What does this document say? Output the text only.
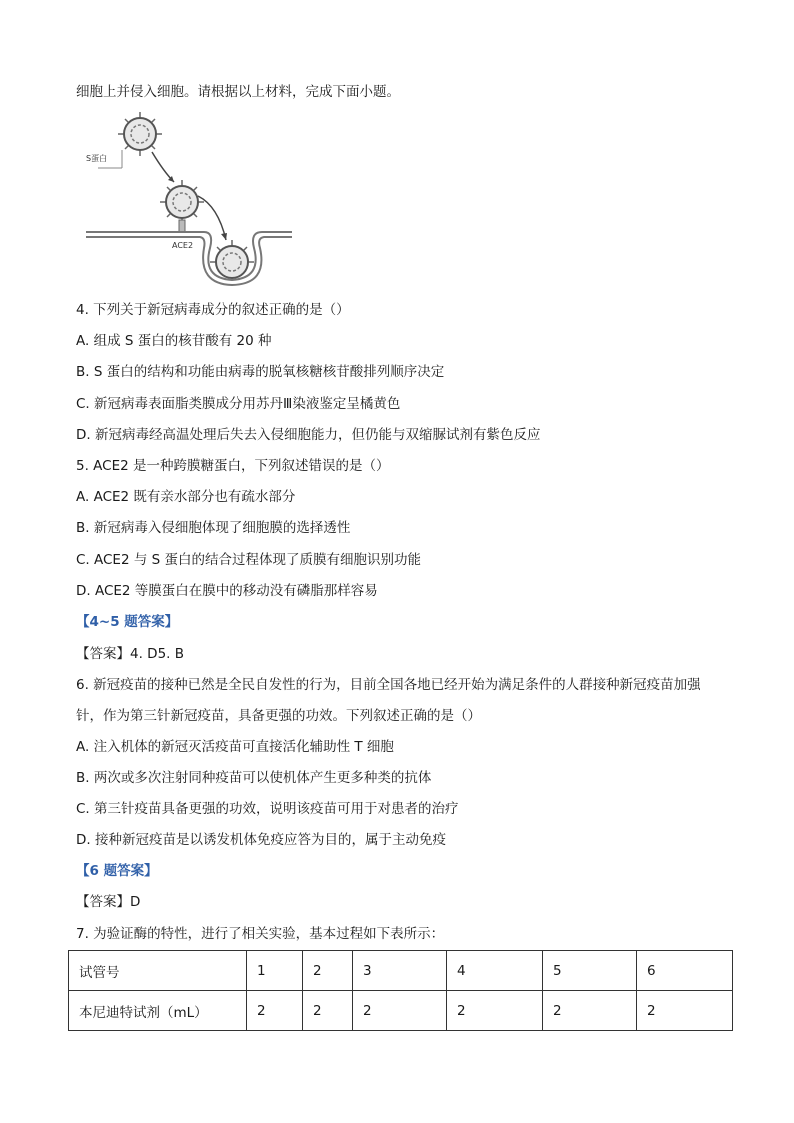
细胞上并侵入细胞。请根据以上材料，完成下面小题。
S蛋白
ACE2
4. 下列关于新冠病毒成分的叙述正确的是（）
A. 组成 S 蛋白的核苷酸有 20 种
B. S 蛋白的结构和功能由病毒的脱氧核糖核苷酸排列顺序决定
C. 新冠病毒表面脂类膜成分用苏丹Ⅲ染液鉴定呈橘黄色
D. 新冠病毒经高温处理后失去入侵细胞能力，但仍能与双缩脲试剂有紫色反应
5. ACE2 是一种跨膜糖蛋白，下列叙述错误的是（）
A. ACE2 既有亲水部分也有疏水部分
B. 新冠病毒入侵细胞体现了细胞膜的选择透性
C. ACE2 与 S 蛋白的结合过程体现了质膜有细胞识别功能
D. ACE2 等膜蛋白在膜中的移动没有磷脂那样容易
【4~5 题答案】
【答案】4. D5. B
6. 新冠疫苗的接种已然是全民自发性的行为，目前全国各地已经开始为满足条件的人群接种新冠疫苗加强
针，作为第三针新冠疫苗，具备更强的功效。下列叙述正确的是（）
A. 注入机体的新冠灭活疫苗可直接活化辅助性 T 细胞
B. 两次或多次注射同种疫苗可以使机体产生更多种类的抗体
C. 第三针疫苗具备更强的功效，说明该疫苗可用于对患者的治疗
D. 接种新冠疫苗是以诱发机体免疫应答为目的，属于主动免疫
【6 题答案】
【答案】D
7. 为验证酶的特性，进行了相关实验，基本过程如下表所示：
试管号	1	2	3	4	5	6
本尼迪特试剂（mL）	2	2	2	2	2	2
